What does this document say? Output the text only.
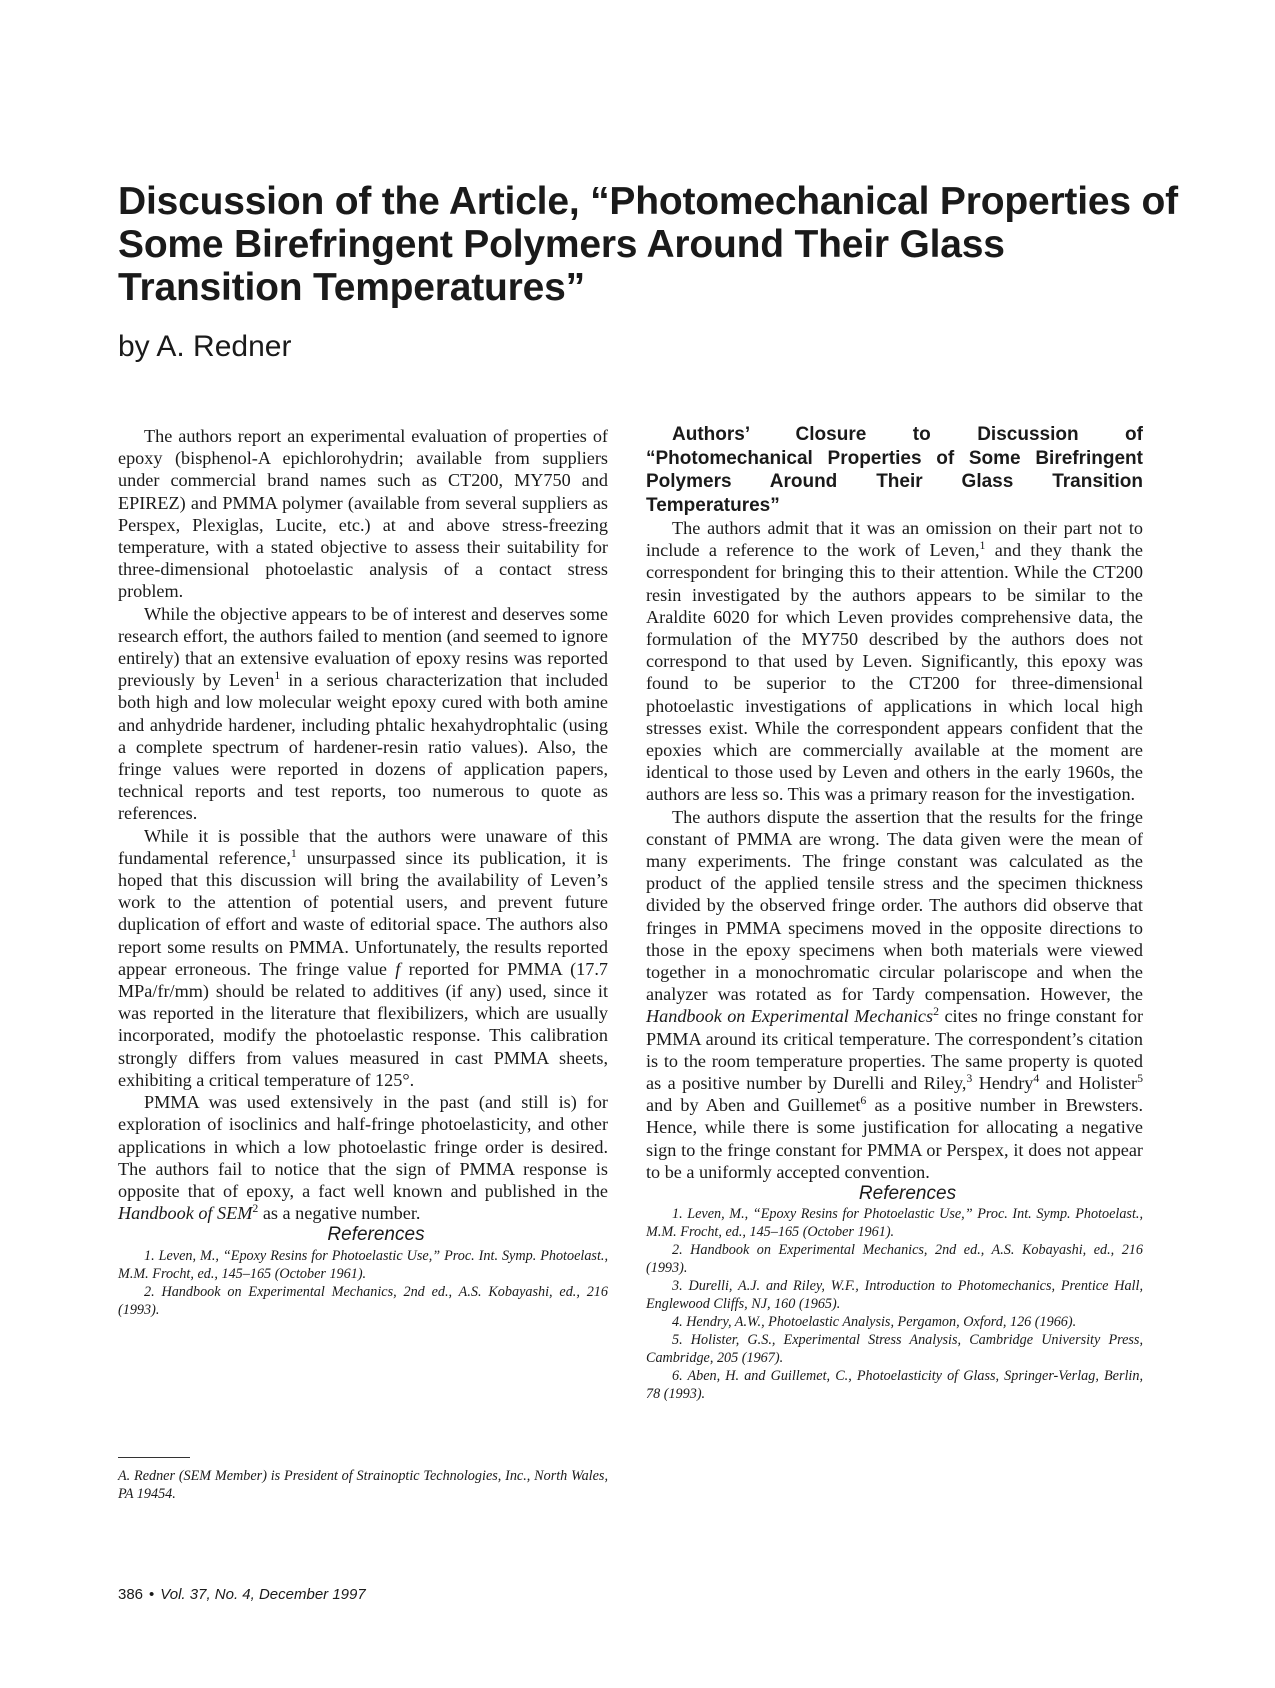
Discussion of the Article, “Photomechanical Properties of Some Birefringent Polymers Around Their Glass Transition Temperatures”

by A. Redner

The authors report an experimental evaluation of properties of epoxy (bisphenol-A epichlorohydrin; available from suppliers under commercial brand names such as CT200, MY750 and EPIREZ) and PMMA polymer (available from several suppliers as Perspex, Plexiglas, Lucite, etc.) at and above stress-freezing temperature, with a stated objective to assess their suitability for three-dimensional photoelastic analysis of a contact stress problem.

While the objective appears to be of interest and deserves some research effort, the authors failed to mention (and seemed to ignore entirely) that an extensive evaluation of epoxy resins was reported previously by Leven$^1$ in a serious characterization that included both high and low molecular weight epoxy cured with both amine and anhydride hardener, including phtalic hexahydrophtalic (using a complete spectrum of hardener-resin ratio values). Also, the fringe values were reported in dozens of application papers, technical reports and test reports, too numerous to quote as references.

While it is possible that the authors were unaware of this fundamental reference,$^1$ unsurpassed since its publication, it is hoped that this discussion will bring the availability of Leven’s work to the attention of potential users, and prevent future duplication of effort and waste of editorial space. The authors also report some results on PMMA. Unfortunately, the results reported appear erroneous. The fringe value f reported for PMMA (17.7 MPa/fr/mm) should be related to additives (if any) used, since it was reported in the literature that flexibilizers, which are usually incorporated, modify the photoelastic response. This calibration strongly differs from values measured in cast PMMA sheets, exhibiting a critical temperature of 125°.

PMMA was used extensively in the past (and still is) for exploration of isoclinics and half-fringe photoelasticity, and other applications in which a low photoelastic fringe order is desired. The authors fail to notice that the sign of PMMA response is opposite that of epoxy, a fact well known and published in the Handbook of SEM$^2$ as a negative number.

References

1. Leven, M., “Epoxy Resins for Photoelastic Use,” Proc. Int. Symp. Photoelast., M.M. Frocht, ed., 145–165 (October 1961).

2. Handbook on Experimental Mechanics, 2nd ed., A.S. Kobayashi, ed., 216 (1993).

A. Redner (SEM Member) is President of Strainoptic Technologies, Inc., North Wales, PA 19454.

Authors’ Closure to Discussion of “Photomechanical Properties of Some Birefringent Polymers Around Their Glass Transition Temperatures”

The authors admit that it was an omission on their part not to include a reference to the work of Leven,$^1$ and they thank the correspondent for bringing this to their attention. While the CT200 resin investigated by the authors appears to be similar to the Araldite 6020 for which Leven provides comprehensive data, the formulation of the MY750 described by the authors does not correspond to that used by Leven. Significantly, this epoxy was found to be superior to the CT200 for three-dimensional photoelastic investigations of applications in which local high stresses exist. While the correspondent appears confident that the epoxies which are commercially available at the moment are identical to those used by Leven and others in the early 1960s, the authors are less so. This was a primary reason for the investigation.

The authors dispute the assertion that the results for the fringe constant of PMMA are wrong. The data given were the mean of many experiments. The fringe constant was calculated as the product of the applied tensile stress and the specimen thickness divided by the observed fringe order. The authors did observe that fringes in PMMA specimens moved in the opposite directions to those in the epoxy specimens when both materials were viewed together in a monochromatic circular polariscope and when the analyzer was rotated as for Tardy compensation. However, the Handbook on Experimental Mechanics$^2$ cites no fringe constant for PMMA around its critical temperature. The correspondent’s citation is to the room temperature properties. The same property is quoted as a positive number by Durelli and Riley,$^3$ Hendry$^4$ and Holister$^5$ and by Aben and Guillemet$^6$ as a positive number in Brewsters. Hence, while there is some justification for allocating a negative sign to the fringe constant for PMMA or Perspex, it does not appear to be a uniformly accepted convention.

References

1. Leven, M., “Epoxy Resins for Photoelastic Use,” Proc. Int. Symp. Photoelast., M.M. Frocht, ed., 145–165 (October 1961).

2. Handbook on Experimental Mechanics, 2nd ed., A.S. Kobayashi, ed., 216 (1993).

3. Durelli, A.J. and Riley, W.F., Introduction to Photomechanics, Prentice Hall, Englewood Cliffs, NJ, 160 (1965).

4. Hendry, A.W., Photoelastic Analysis, Pergamon, Oxford, 126 (1966).

5. Holister, G.S., Experimental Stress Analysis, Cambridge University Press, Cambridge, 205 (1967).

6. Aben, H. and Guillemet, C., Photoelasticity of Glass, Springer-Verlag, Berlin, 78 (1993).

386 • Vol. 37, No. 4, December 1997
